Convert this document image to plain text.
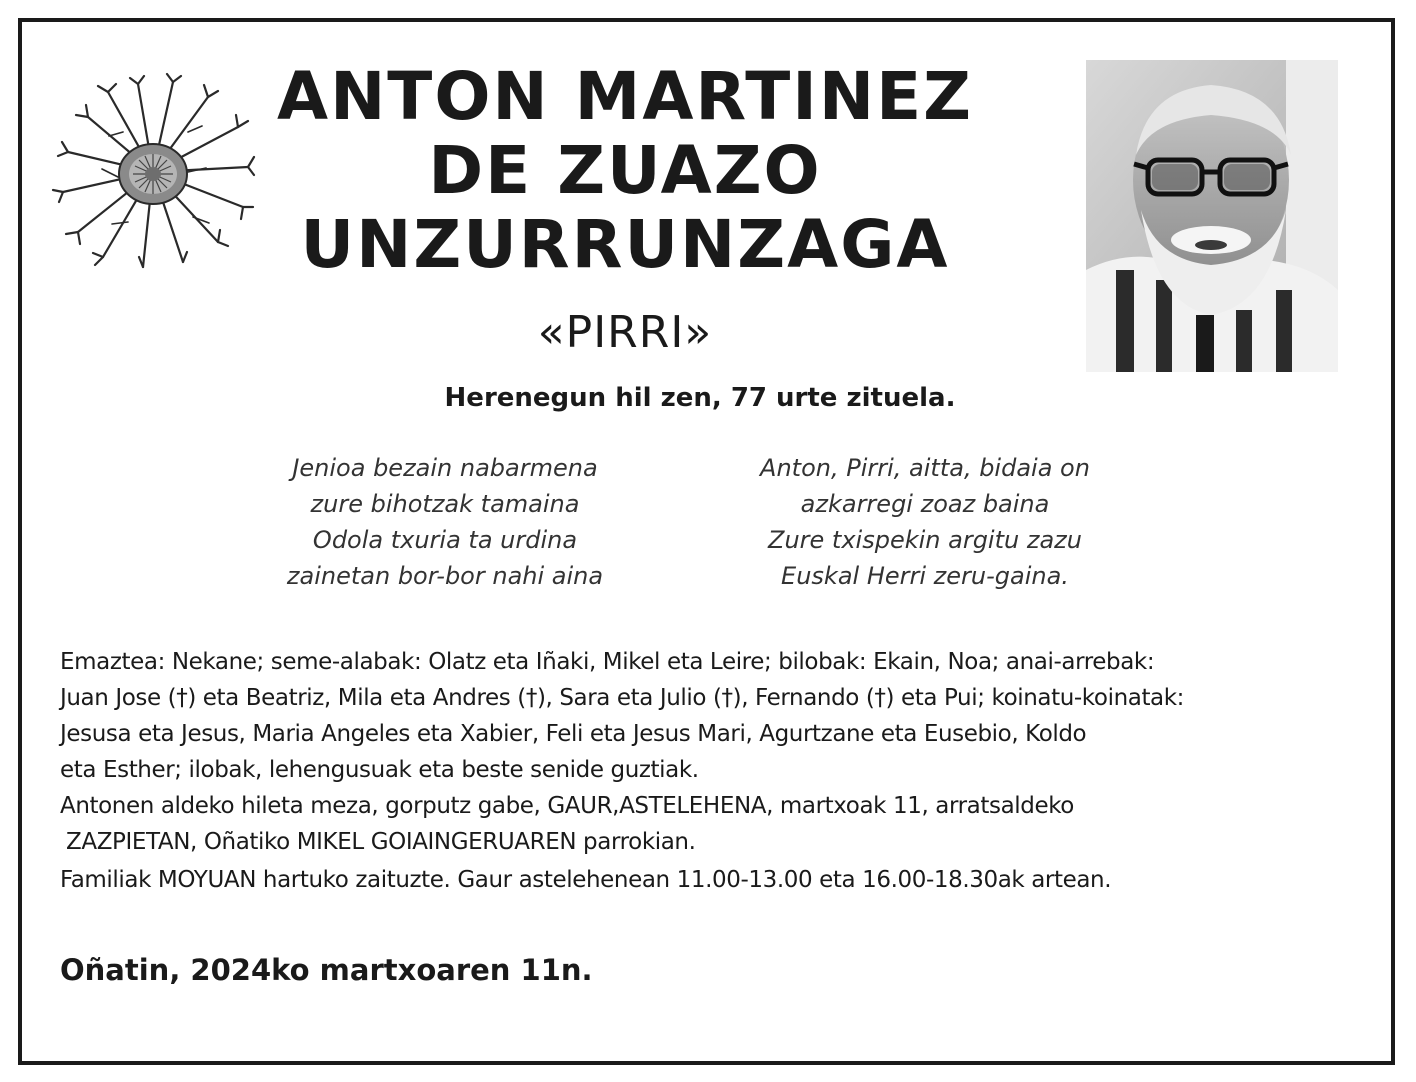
ANTON MARTINEZ
DE ZUAZO
UNZURRUNZAGA
«PIRRI»
Herenegun hil zen, 77 urte zituela.
Jenioa bezain nabarmena
zure bihotzak tamaina
Odola txuria ta urdina
zainetan bor-bor nahi aina
Anton, Pirri, aitta, bidaia on
azkarregi zoaz baina
Zure txispekin argitu zazu
Euskal Herri zeru-gaina.

Emaztea: Nekane; seme-alabak: Olatz eta Iñaki, Mikel eta Leire; bilobak: Ekain, Noa; anai-arrebak:

Juan Jose (†) eta Beatriz, Mila eta Andres (†), Sara eta Julio (†), Fernando (†) eta Pui; koinatu-koinatak:

Jesusa eta Jesus, Maria Angeles eta Xabier, Feli eta Jesus Mari, Agurtzane eta Eusebio, Koldo

eta Esther; ilobak, lehengusuak eta beste senide guztiak.

Antonen aldeko hileta meza, gorputz gabe, GAUR,ASTELEHENA, martxoak 11, arratsaldeko

ZAZPIETAN, Oñatiko MIKEL GOIAINGERUAREN parrokian.

Familiak MOYUAN hartuko zaituzte. Gaur astelehenean 11.00-13.00 eta 16.00-18.30ak artean.

Oñatin, 2024ko martxoaren 11n.
